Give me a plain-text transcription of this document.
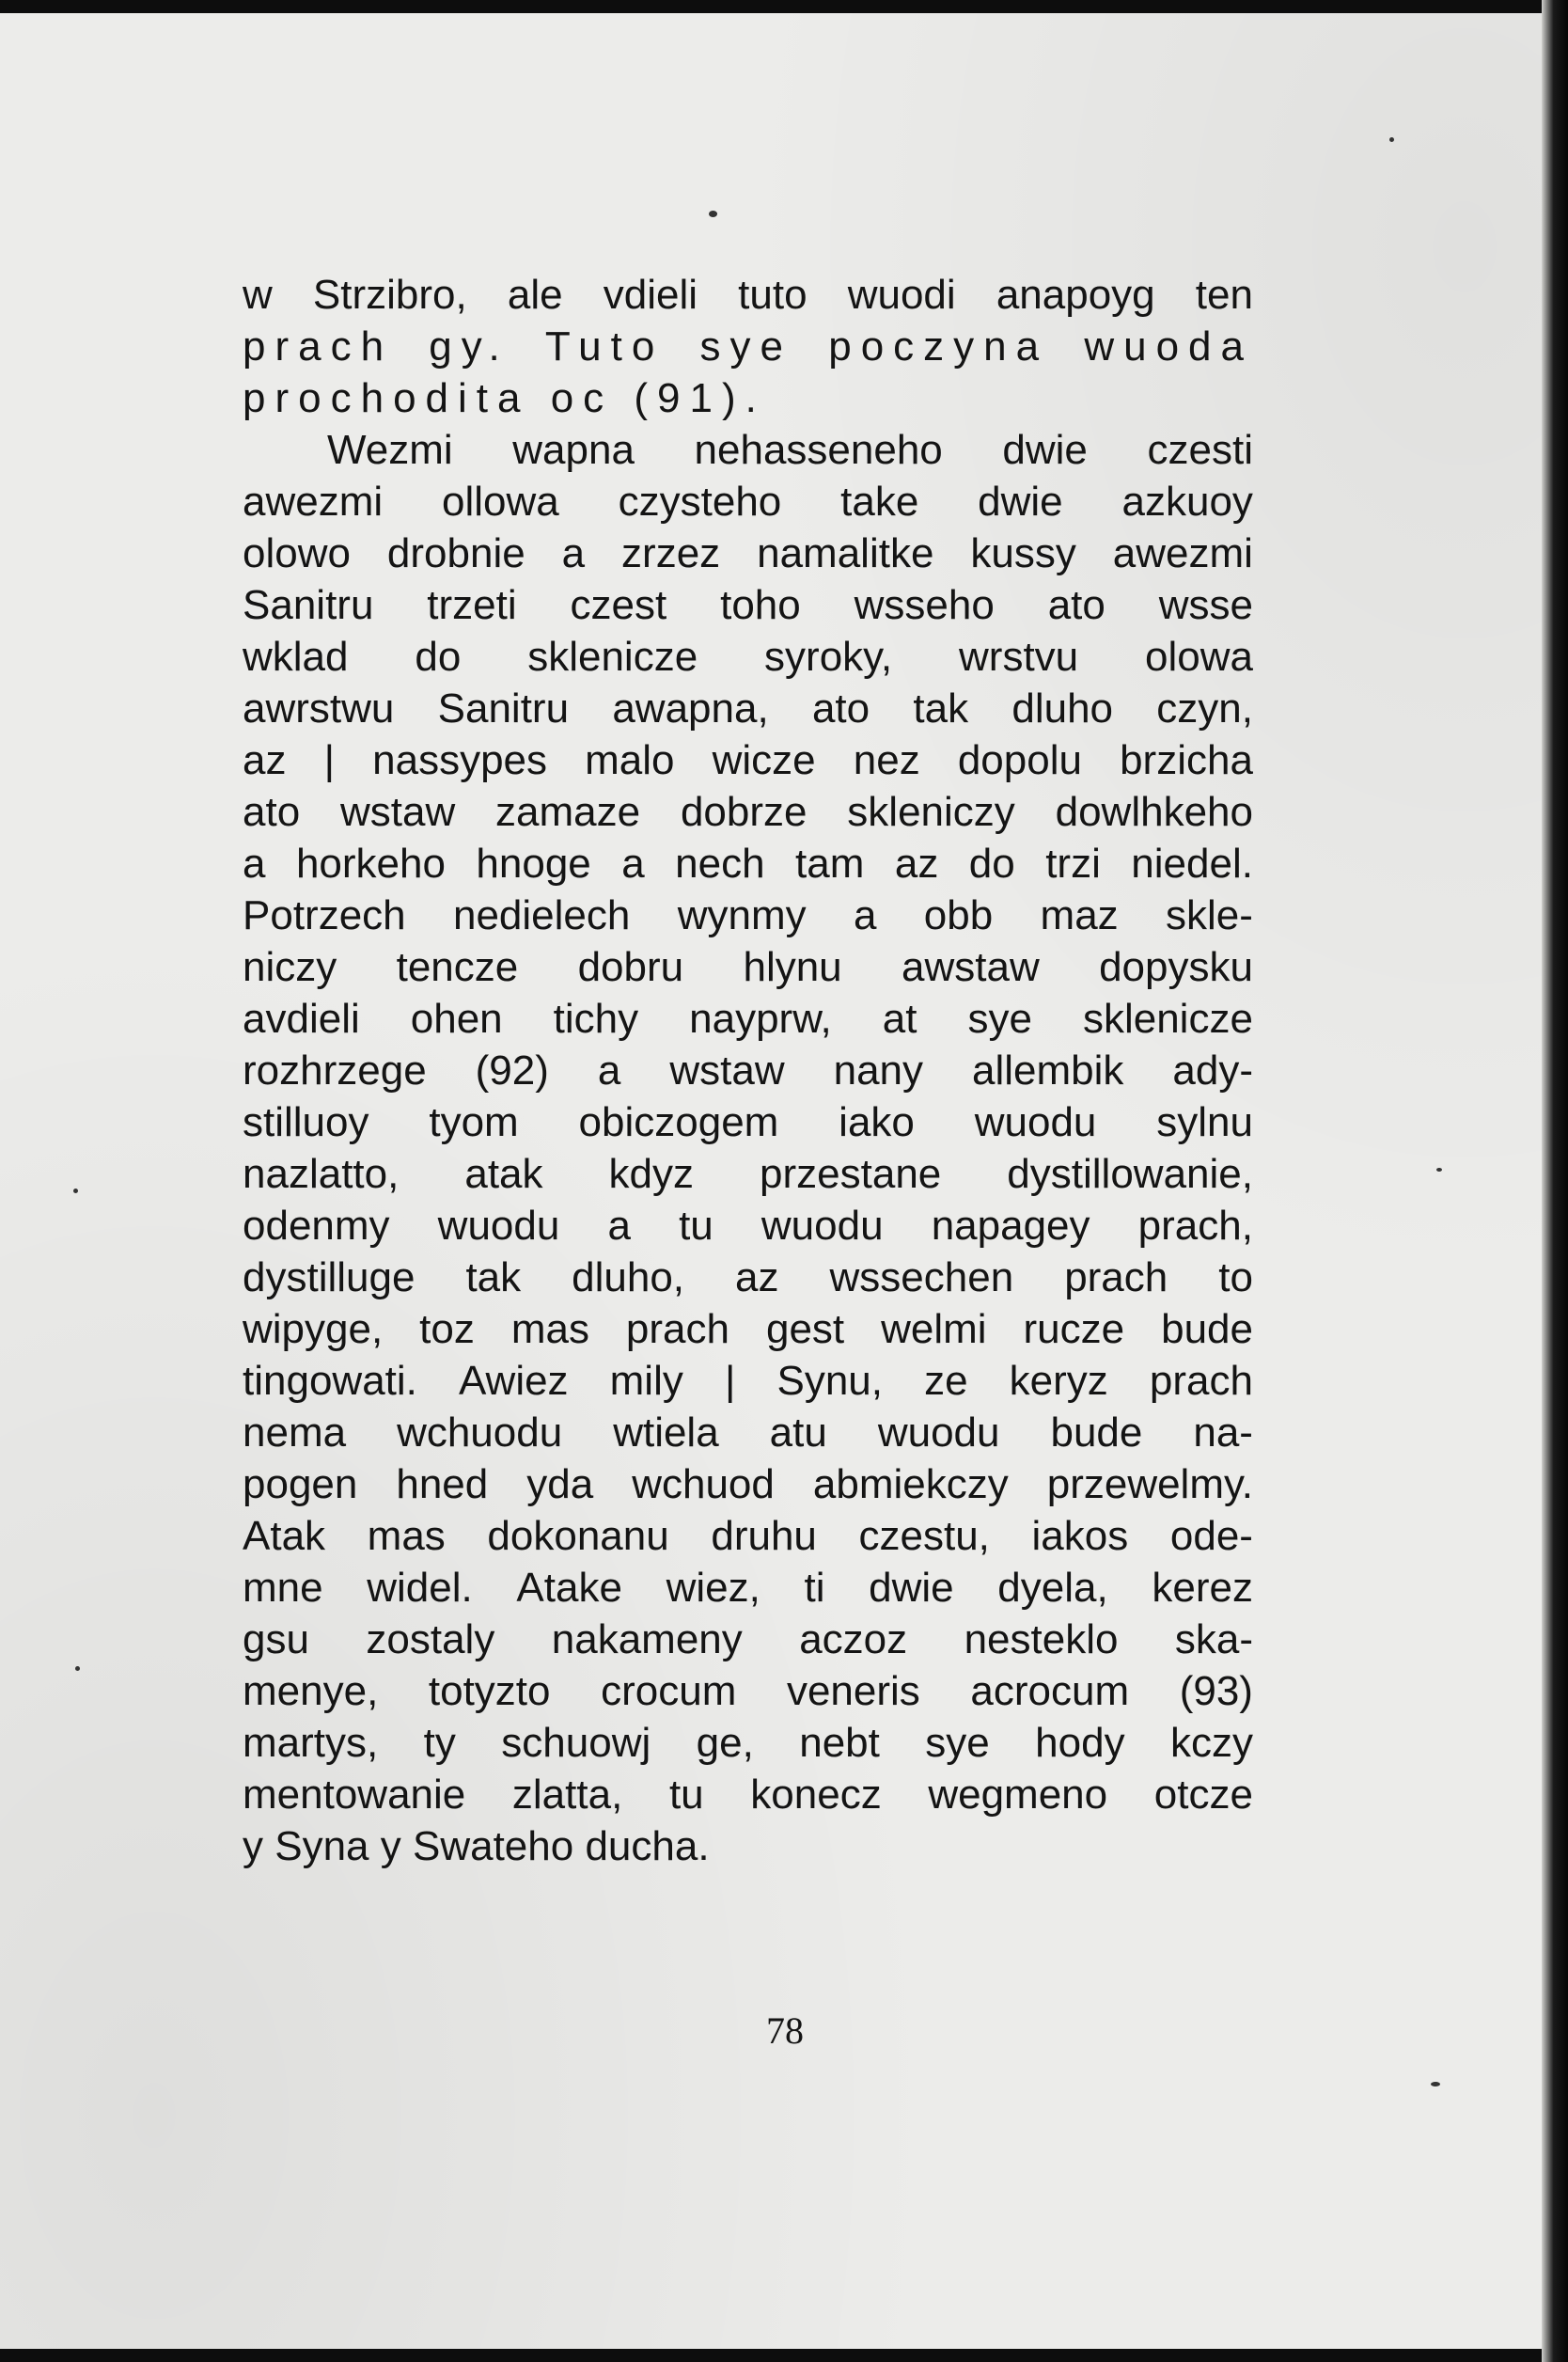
w Strzibro, ale vdieli tuto wuodi anapoyg ten
prach gy. Tuto sye poczyna wuoda
prochodita oc (91).
Wezmi wapna nehasseneho dwie czesti
awezmi ollowa czysteho take dwie azkuoy
olowo drobnie a zrzez namalitke kussy awezmi
Sanitru trzeti czest toho wsseho ato wsse
wklad do sklenicze syroky, wrstvu olowa
awrstwu Sanitru awapna, ato tak dluho czyn,
az | nassypes malo wicze nez dopolu brzicha
ato wstaw zamaze dobrze skleniczy dowlhkeho
a horkeho hnoge a nech tam az do trzi niedel.
Potrzech nedielech wynmy a obb maz skle-
niczy tencze dobru hlynu awstaw dopysku
avdieli ohen tichy nayprw, at sye sklenicze
rozhrzege (92) a wstaw nany allembik ady-
stilluoy tyom obiczogem iako wuodu sylnu
nazlatto, atak kdyz przestane dystillowanie,
odenmy wuodu a tu wuodu napagey prach,
dystilluge tak dluho, az wssechen prach to
wipyge, toz mas prach gest welmi rucze bude
tingowati. Awiez mily | Synu, ze keryz prach
nema wchuodu wtiela atu wuodu bude na-
pogen hned yda wchuod abmiekczy przewelmy.
Atak mas dokonanu druhu czestu, iakos ode-
mne widel. Atake wiez, ti dwie dyela, kerez
gsu zostaly nakameny aczoz nesteklo ska-
menye, totyzto crocum veneris acrocum (93)
martys, ty schuowj ge, nebt sye hody kczy
mentowanie zlatta, tu konecz wegmeno otcze
y Syna y Swateho ducha.
78
